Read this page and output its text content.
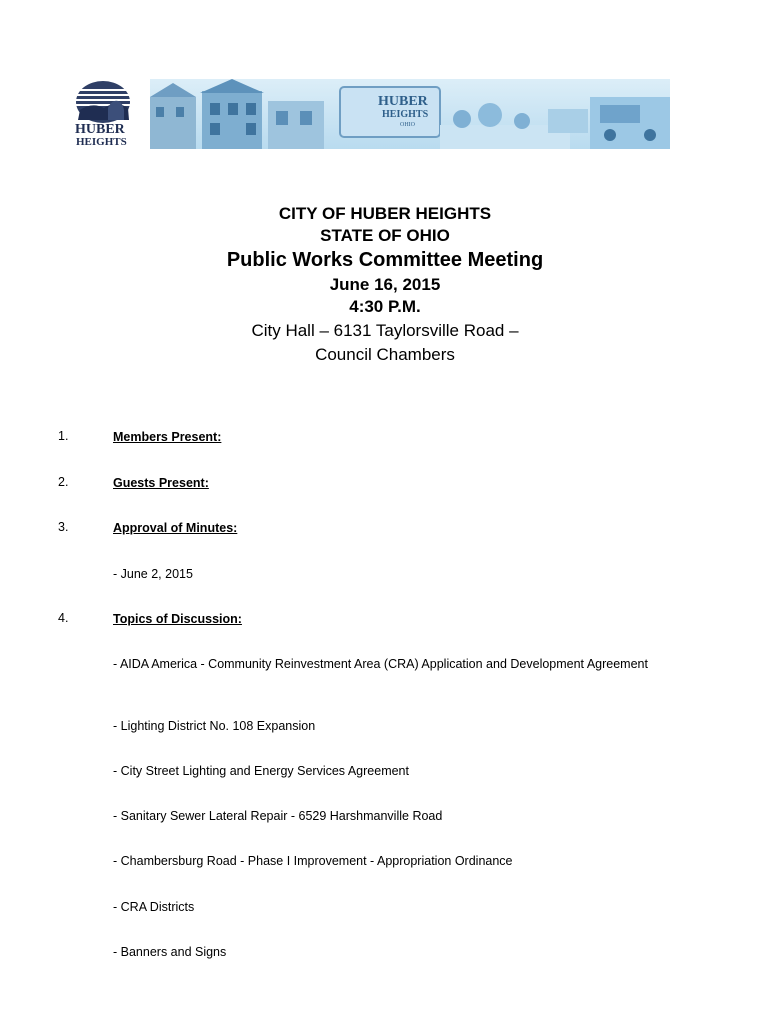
HUBER
HEIGHTS
HUBER
HEIGHTS
OHIO
CITY OF HUBER HEIGHTS
STATE OF OHIO
Public Works Committee Meeting
June 16, 2015
4:30 P.M.
City Hall – 6131 Taylorsville Road –
Council Chambers
1.	Members Present:
2.	Guests Present:
3.	Approval of Minutes:
- June 2, 2015
4.	Topics of Discussion:
- AIDA America - Community Reinvestment Area (CRA) Application and Development Agreement
- Lighting District No. 108 Expansion
- City Street Lighting and Energy Services Agreement
- Sanitary Sewer Lateral Repair - 6529 Harshmanville Road
- Chambersburg Road - Phase I Improvement - Appropriation Ordinance
- CRA Districts
- Banners and Signs
